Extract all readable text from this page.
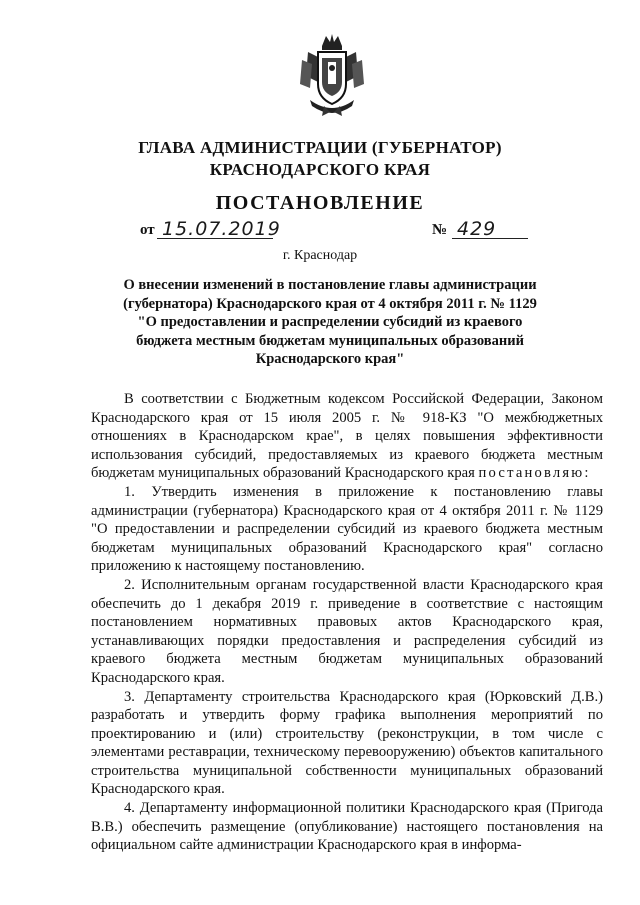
ГЛАВА АДМИНИСТРАЦИИ (ГУБЕРНАТОР)
КРАСНОДАРСКОГО КРАЯ
ПОСТАНОВЛЕНИЕ
от 15.07.2019	№ 429
г. Краснодар
О внесении изменений в постановление главы администрации
(губернатора) Краснодарского края от 4 октября 2011 г. № 1129
"О предоставлении и распределении субсидий из краевого
бюджета местным бюджетам муниципальных образований
Краснодарского края"

В соответствии с Бюджетным кодексом Российской Федерации, Законом Краснодарского края от 15 июля 2005 г. № 918-КЗ "О межбюджетных отношениях в Краснодарском крае", в целях повышения эффективности использования субсидий, предоставляемых из краевого бюджета местным бюджетам муниципальных образований Краснодарского края постановляю:

1. Утвердить изменения в приложение к постановлению главы администрации (губернатора) Краснодарского края от 4 октября 2011 г. № 1129 "О предоставлении и распределении субсидий из краевого бюджета местным бюджетам муниципальных образований Краснодарского края" согласно приложению к настоящему постановлению.

2. Исполнительным органам государственной власти Краснодарского края обеспечить до 1 декабря 2019 г. приведение в соответствие с настоящим постановлением нормативных правовых актов Краснодарского края, устанавливающих порядки предоставления и распределения субсидий из краевого бюджета местным бюджетам муниципальных образований Краснодарского края.

3. Департаменту строительства Краснодарского края (Юрковский Д.В.) разработать и утвердить форму графика выполнения мероприятий по проектированию и (или) строительству (реконструкции, в том числе с элементами реставрации, техническому перевооружению) объектов капитального строительства муниципальной собственности муниципальных образований Краснодарского края.

4. Департаменту информационной политики Краснодарского края (Пригода В.В.) обеспечить размещение (опубликование) настоящего постановления на официальном сайте администрации Краснодарского края в информа-
